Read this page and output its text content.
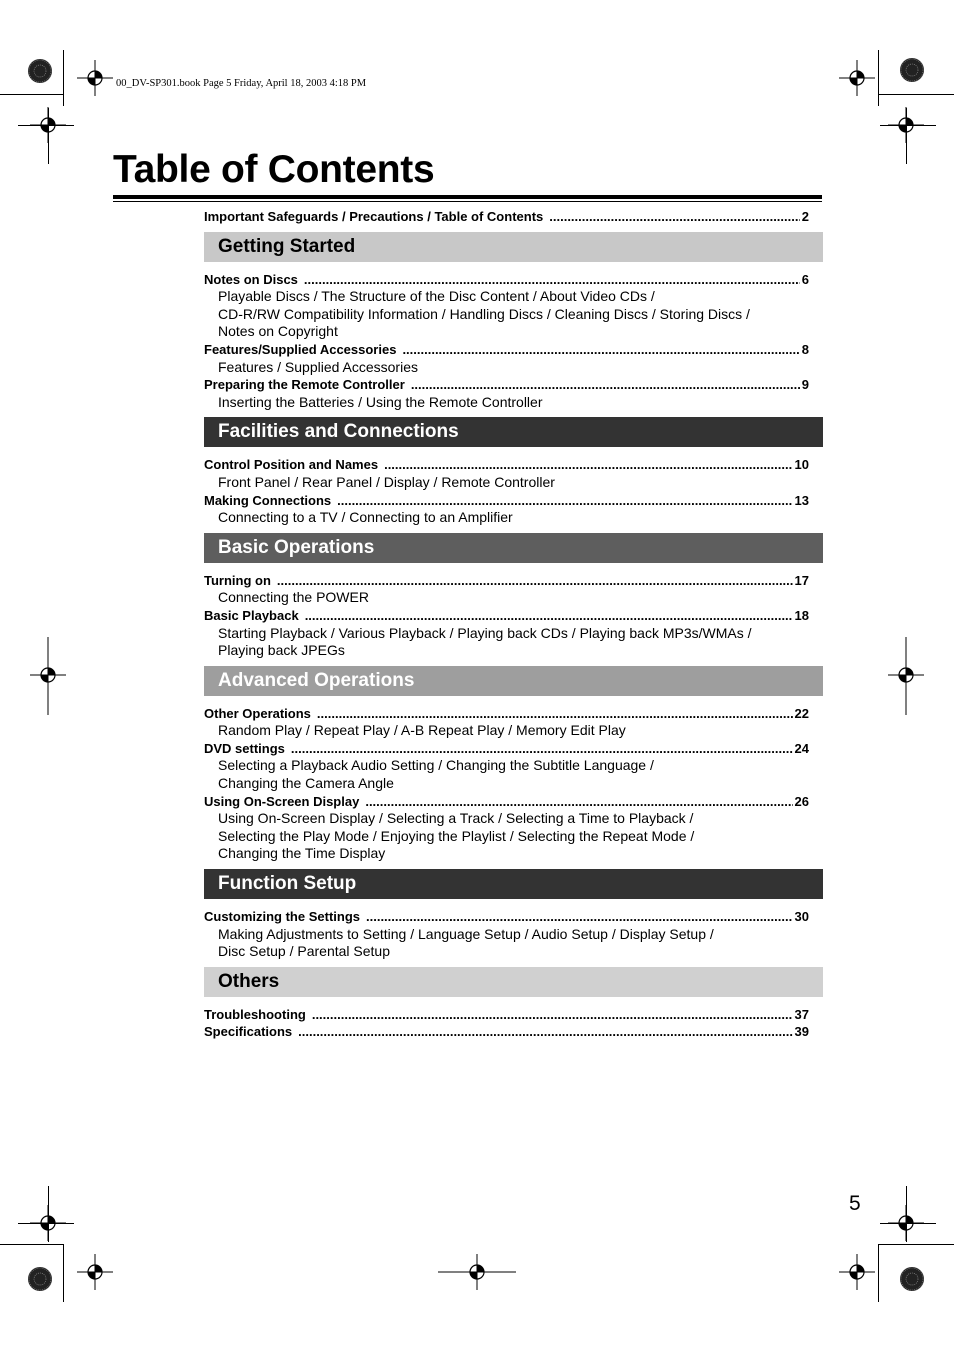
00_DV-SP301.book Page 5 Friday, April 18, 2003 4:18 PM
Table of Contents
Important Safeguards / Precautions / Table of Contents .....	2
Getting Started
Notes on Discs .....	6
Playable Discs / The Structure of the Disc Content / About Video CDs /
CD-R/RW Compatibility Information / Handling Discs / Cleaning Discs / Storing Discs /
Notes on Copyright
Features/Supplied Accessories .....	8
Features / Supplied Accessories
Preparing the Remote Controller .....	9
Inserting the Batteries / Using the Remote Controller
Facilities and Connections
Control Position and Names .....	10
Front Panel / Rear Panel / Display / Remote Controller
Making Connections .....	13
Connecting to a TV / Connecting to an Amplifier
Basic Operations
Turning on .....	17
Connecting the POWER
Basic Playback .....	18
Starting Playback / Various Playback / Playing back CDs / Playing back MP3s/WMAs /
Playing back JPEGs
Advanced Operations
Other Operations .....	22
Random Play / Repeat Play / A-B Repeat Play / Memory Edit Play
DVD settings .....	24
Selecting a Playback Audio Setting / Changing the Subtitle Language /
Changing the Camera Angle
Using On-Screen Display .....	26
Using On-Screen Display / Selecting a Track / Selecting a Time to Playback /
Selecting the Play Mode / Enjoying the Playlist / Selecting the Repeat Mode /
Changing the Time Display
Function Setup
Customizing the Settings .....	30
Making Adjustments to Setting / Language Setup / Audio Setup / Display Setup /
Disc Setup / Parental Setup
Others
Troubleshooting .....	37
Specifications .....	39
5
